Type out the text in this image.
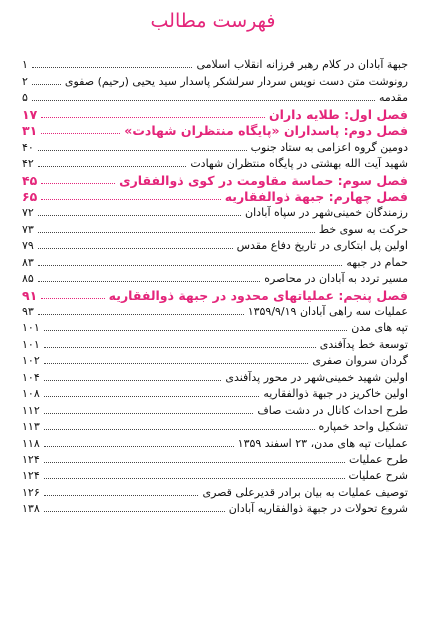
فهرست مطالب
جبهة آبادان در کلام رهبر فرزانه انقلاب اسلامی
۱
رونوشت متن دست نویس سردار سرلشکر پاسدار سید یحیی (رحیم) صفوی
۲
مقدمه
۵
فصل اول: طلایه داران
۱۷
فصل دوم: پاسداران «پایگاه منتظران شهادت»
۳۱
دومین گروه اعزامی به ستاد جنوب
۴۰
شهید آیت الله بهشتی در پایگاه منتظران شهادت
۴۲
فصل سوم: حماسة مقاومت در کوی ذوالفقاری
۴۵
فصل چهارم: جبهة ذوالفقاریه
۶۵
رزمندگان خمینی‌شهر در سپاه آبادان
۷۲
حرکت به سوی خط
۷۳
اولین پل ابتکاری در تاریخ دفاع مقدس
۷۹
حمام در جبهه
۸۳
مسیر تردد به آبادان در محاصره
۸۵
فصل پنجم: عملیاتهای محدود در جبهة ذوالفقاریه
۹۱
عملیات سه راهی آبادان ۱۳۵۹/۹/۱۹
۹۳
تپه های مدن
۱۰۱
توسعة خط پدآفندی
۱۰۱
گردان سروان صفری
۱۰۲
اولین شهید خمینی‌شهر در محور پدآفندی
۱۰۴
اولین خاکریز در جبهة ذوالفقاریه
۱۰۸
طرح احداث کانال در دشت صاف
۱۱۲
تشکیل واحد خمپاره
۱۱۳
عملیات تپه های مدن، ۲۳ اسفند ۱۳۵۹
۱۱۸
طرح عملیات
۱۲۴
شرح عملیات
۱۲۴
توصیف عملیات به بیان برادر قدیرعلی قصری
۱۲۶
شروع تحولات در جبهة ذوالفقاریه آبادان
۱۳۸
